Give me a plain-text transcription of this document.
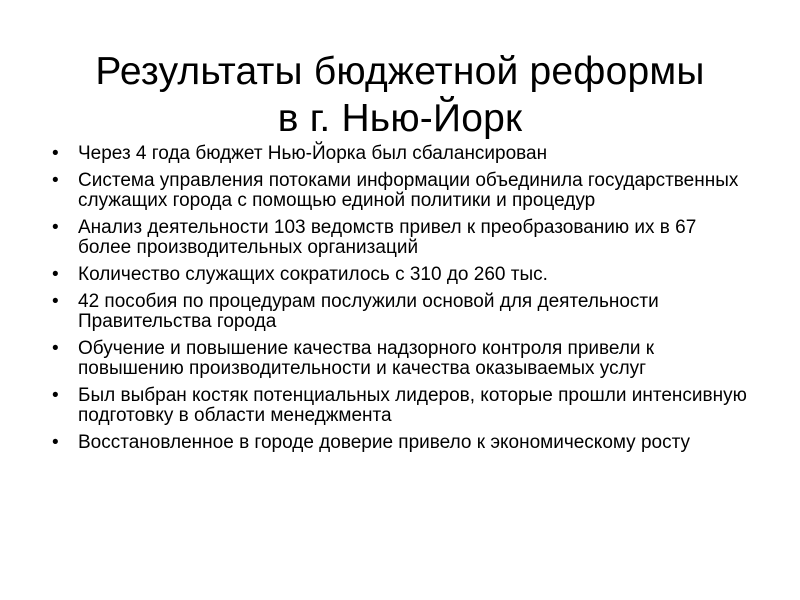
Результаты бюджетной реформы
в г. Нью-Йорк
•	Через 4 года бюджет Нью-Йорка был сбалансирован
•	Система управления потоками информации объединила государственных служащих города с помощью единой политики и процедур
•	Анализ деятельности 103 ведомств привел к преобразованию их в 67 более производительных организаций
•	Количество служащих сократилось с 310 до 260 тыс.
•	42 пособия по процедурам послужили основой для деятельности Правительства города
•	Обучение и повышение качества надзорного контроля привели к повышению производительности и качества оказываемых услуг
•	Был выбран костяк потенциальных лидеров, которые прошли интенсивную подготовку в области менеджмента
•	Восстановленное в городе доверие привело к экономическому росту
